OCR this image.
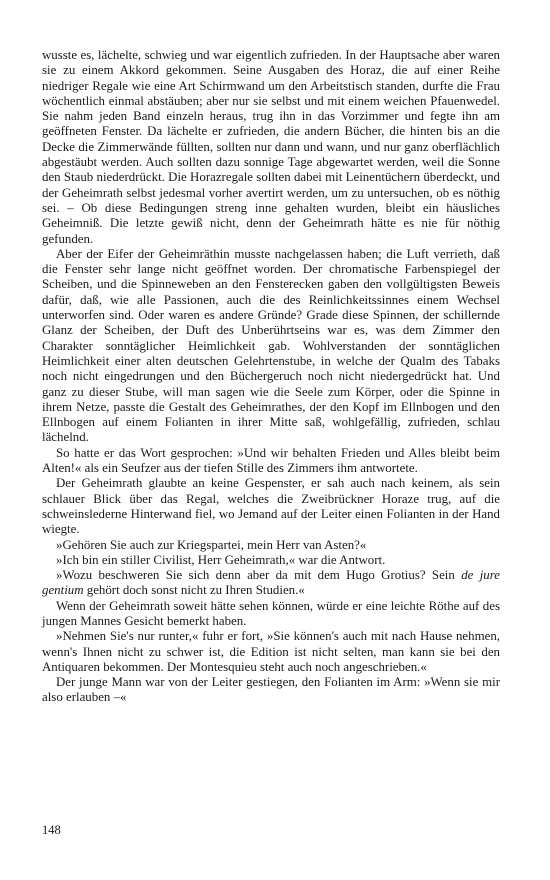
wusste es, lächelte, schwieg und war eigentlich zufrieden. In der Hauptsache aber waren sie zu einem Akkord gekommen. Seine Ausgaben des Horaz, die auf einer Reihe niedriger Regale wie eine Art Schirmwand um den Arbeitstisch standen, durfte die Frau wöchentlich einmal abstäuben; aber nur sie selbst und mit einem weichen Pfauenwedel. Sie nahm jeden Band einzeln heraus, trug ihn in das Vorzimmer und fegte ihn am geöffneten Fenster. Da lächelte er zufrieden, die andern Bücher, die hinten bis an die Decke die Zimmerwände füllten, sollten nur dann und wann, und nur ganz oberflächlich abgestäubt werden. Auch sollten dazu sonnige Tage abgewartet werden, weil die Sonne den Staub niederdrückt. Die Horazregale sollten dabei mit Leinentüchern überdeckt, und der Geheimrath selbst jedesmal vorher avertirt werden, um zu untersuchen, ob es nöthig sei. – Ob diese Bedingungen streng inne gehalten wurden, bleibt ein häusliches Geheimniß. Die letzte gewiß nicht, denn der Geheimrath hätte es nie für nöthig gefunden.

Aber der Eifer der Geheimräthin musste nachgelassen haben; die Luft verrieth, daß die Fenster sehr lange nicht geöffnet worden. Der chromatische Farbenspiegel der Scheiben, und die Spinneweben an den Fensterecken gaben den vollgültigsten Beweis dafür, daß, wie alle Passionen, auch die des Reinlichkeitssinnes einem Wechsel unterworfen sind. Oder waren es andere Gründe? Grade diese Spinnen, der schillernde Glanz der Scheiben, der Duft des Unberührtseins war es, was dem Zimmer den Charakter sonntäglicher Heimlichkeit gab. Wohlverstanden der sonntäglichen Heimlichkeit einer alten deutschen Gelehrtenstube, in welche der Qualm des Tabaks noch nicht eingedrungen und den Büchergeruch noch nicht niedergedrückt hat. Und ganz zu dieser Stube, will man sagen wie die Seele zum Körper, oder die Spinne in ihrem Netze, passte die Gestalt des Geheimrathes, der den Kopf im Ellnbogen und den Ellnbogen auf einem Folianten in ihrer Mitte saß, wohlgefällig, zufrieden, schlau lächelnd.

So hatte er das Wort gesprochen: »Und wir behalten Frieden und Alles bleibt beim Alten!« als ein Seufzer aus der tiefen Stille des Zimmers ihm antwortete.

Der Geheimrath glaubte an keine Gespenster, er sah auch nach keinem, als sein schlauer Blick über das Regal, welches die Zweibrückner Horaze trug, auf die schweinslederne Hinterwand fiel, wo Jemand auf der Leiter einen Folianten in der Hand wiegte.

»Gehören Sie auch zur Kriegspartei, mein Herr van Asten?«

»Ich bin ein stiller Civilist, Herr Geheimrath,« war die Antwort.

»Wozu beschweren Sie sich denn aber da mit dem Hugo Grotius? Sein de jure gentium gehört doch sonst nicht zu Ihren Studien.«

Wenn der Geheimrath soweit hätte sehen können, würde er eine leichte Röthe auf des jungen Mannes Gesicht bemerkt haben.

»Nehmen Sie's nur runter,« fuhr er fort, »Sie können's auch mit nach Hause nehmen, wenn's Ihnen nicht zu schwer ist, die Edition ist nicht selten, man kann sie bei den Antiquaren bekommen. Der Montesquieu steht auch noch angeschrieben.«

Der junge Mann war von der Leiter gestiegen, den Folianten im Arm: »Wenn sie mir also erlauben –«

148
